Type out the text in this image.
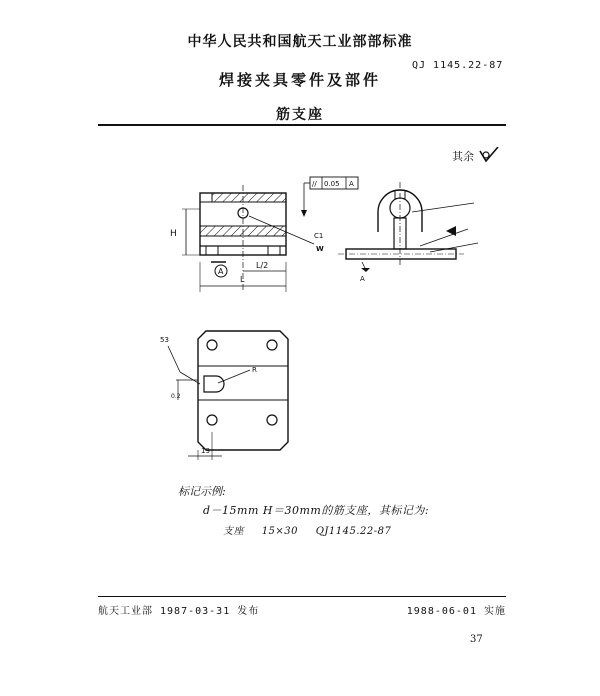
中华人民共和国航天工业部部标准
QJ 1145.22-87
焊接夹具零件及部件
筋支座
其余
H
L
L/2
A
// 0.05 A
C1
W
A
R
53
0.2
19
标记示例:
d－15mm H＝30mm的筋支座，其标记为:
支座 15×30 QJ1145.22-87
航天工业部 1987-03-31 发布	1988-06-01 实施
37
